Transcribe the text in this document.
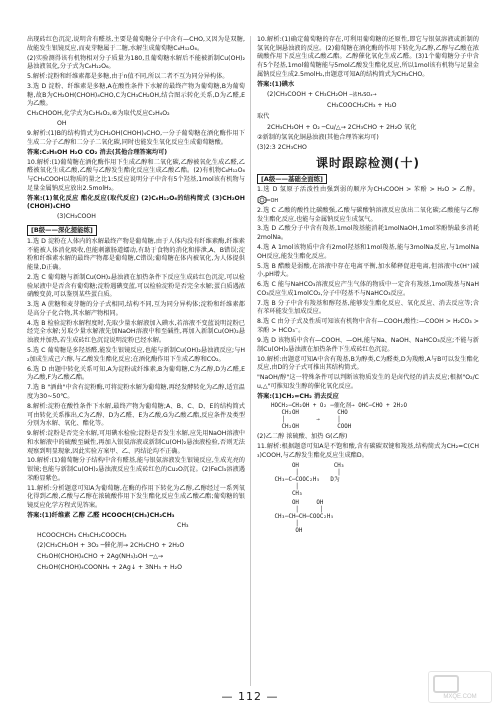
出现砖红色沉淀,说明含有醛基,主要是葡萄糖分子中含有—CHO,又因为是双糖,故能发生银镜反应,而麦芽糖属于二糖,水解生成葡萄糖C₆H₁₂O₆。

(2)实验测得该有机物相对分子质量为180,且葡萄糖水解后不能被新制Cu(OH)₂悬浊液氧化,分子式为C₆H₁₂O₆。

5.解析:淀粉和纤维素都是多糖,由于n值不同,所以二者不互为同分异构体。

3.选 D 淀粉、纤维素是多糖,A在酸性条件下水解的最终产物为葡萄糖,B为葡萄糖,故B为CH₂OH(CHOH)₄CHO,C为CH₃CH₂OH,结合图示转化关系,D为乙醛,E为乙酸。

CH₃CHOOH,化学式为C₂H₄O₂,⑥为取代反应C₂H₄O₂

OH

9.解析:(1)B的结构简式为CH₂OH(CHOH)₄CHO,一分子葡萄糖在酒化酶作用下生成二分子乙醇和二分子二氧化碳,同时也能发生氧化反应生成葡萄糖酸。

答案:C₂H₅OH H₂O CO₂ 消去(其他合理答案均可)

10.解析:(1)葡萄糖在酒化酶作用下生成乙醇和二氧化碳,乙醇被氧化生成乙醛,乙醛被氧化生成乙酸,乙酸与乙醇发生酯化反应生成乙酸乙酯。(2)有机物C₆H₁₂O₆与CH₃COOH以物质的量之比1:5反应说明分子中含有5个羟基,1mol该有机物与足量金属钠反应放出2.5molH₂。

答案:(1)氧化反应 酯化反应(取代反应) (2)C₆H₁₂O₆的结构简式 (3)CH₂OH(CHOH)₄CHO

(3)CH₃COOH

[B级——深化提能练]

1.选 D 淀粉在人体内的水解最终产物是葡萄糖,由于人体内没有纤维素酶,纤维素不能被人体消化吸收,但能刺激肠道蠕动,有助于食物的消化和排泄,A、B错误;淀粉和纤维素水解的最终产物都是葡萄糖,C错误;葡萄糖在体内被氧化,为人体提供能量,D正确。

2.选 C 葡萄糖与新制Cu(OH)₂悬浊液在加热条件下反应生成砖红色沉淀,可以检验尿液中是否含有葡萄糖;淀粉遇碘变蓝,可以检验淀粉是否完全水解;蛋白质遇浓硝酸变黄,可以鉴别某些蛋白质。

3.选 A 蔗糖和麦芽糖的分子式相同,结构不同,互为同分异构体;淀粉和纤维素都是高分子化合物,其水解产物相同。

4.选 B 检验淀粉水解程度时,先取少量水解液加入碘水,若溶液不变蓝说明淀粉已经完全水解;另取少量水解液先加NaOH溶液中和至碱性,再加入新制Cu(OH)₂悬浊液并加热,若生成砖红色沉淀说明淀粉已经水解。

5.选 C 葡萄糖是多羟基醛,能发生银镜反应,也能与新制Cu(OH)₂悬浊液反应;与H₂加成生成己六醇,与乙酸发生酯化反应;在酒化酶作用下生成乙醇和CO₂。

6.选 D 由题中转化关系可知,A为淀粉或纤维素,B为葡萄糖,C为乙醇,D为乙醛,E为乙酸,F为乙酸乙酯。

7.选 B "酒曲"中含有淀粉酶,可将淀粉水解为葡萄糖,再经发酵转化为乙醇,适宜温度为30~50℃。

8.解析:淀粉在酸性条件下水解,最终产物为葡萄糖;A、B、C、D、E的结构简式可由转化关系推出,C为乙醇、D为乙醛、E为乙酸,G为乙酸乙酯,反应条件及类型分别为水解、氧化、酯化等。

9.解析:淀粉是否完全水解,可用碘水检验;淀粉是否发生水解,应先用NaOH溶液中和水解液中的硫酸至碱性,再加入银氨溶液或新制Cu(OH)₂悬浊液检验,否则无法观察到明显现象,因此实验方案甲、乙、丙结论均不正确。

10.解析:(1)葡萄糖分子结构中含有醛基,能与银氨溶液发生银镜反应,生成光亮的银镜;也能与新制Cu(OH)₂悬浊液反应生成砖红色的Cu₂O沉淀。(2)FeCl₃溶液遇苯酚显紫色。

11.解析:分析题意可知A为葡萄糖,在酶的作用下转化为乙醇,乙醇经过一系列氧化得到乙酸,乙酸与乙醇在浓硫酸作用下发生酯化反应生成乙酸乙酯;葡萄糖的银镜反应化学方程式见答案。

答案:(1)纤维素 乙醇 乙醛 HCOOCH(CH₃)CH₂CH₃

CH₃

HCOOCHCH₃ CH₃CH₂COOCH₃

(2)CH₃CH₂OH + 3O₂ ─催化剂→ 2CH₃CHO + 2H₂O
CH₂OH(CHOH)₄CHO + 2Ag(NH₃)₂OH ─△→
CH₂OH(CHOH)₄COONH₄ + 2Ag↓ + 3NH₃ + H₂O

10.解析:(1)确定葡萄糖的存在,可利用葡萄糖的还原性,即它与银氨溶液或新制的氢氧化铜悬浊液的反应。(2)葡萄糖在酒化酶的作用下转化为乙醇,乙醇与乙酸在浓硫酸作用下反应生成乙酸乙酯。乙醇催化氧化生成乙醛。(3)1个葡萄糖分子中含有5个羟基,1mol葡萄糖能与5mol乙酸发生酯化反应,所以1mol该有机物与足量金属钠反应生成2.5molH₂,由题意可知A的结构简式为CH₃CHO。

答案:(1)碘水

(2)CH₃COOH + CH₃CH₂OH ─浓H₂SO₄→
CH₃COOCH₂CH₃ + H₂O

取代

2CH₃CH₂OH + O₂ ─Cu/△→ 2CH₃CHO + 2H₂O 氧化

②新制的氢氧化铜悬浊液(其他合理答案均可)

(3)2:3 2CH₃CHO

课时跟踪检测(十)
[A级——基础全面练]

1.选 D 氢原子活泼性由强到弱的顺序为CH₃COOH > 苯酚 > H₂O > 乙醇。
OH

2.选 C 乙酸的酸性比碳酸强,乙酸与碳酸钠溶液反应放出二氧化碳;乙酸能与乙醇发生酯化反应,也能与金属钠反应生成氢气。

3.选 D 乙酸分子中含有羧基,1mol羧基能消耗1molNaOH,1mol苯酚钠最多消耗2molNa。

4.选 A 1mol该物质中含有2mol羟基和1mol羧基,能与3molNa反应,与1molNaOH反应,能发生酯化反应。

5.选 B 醋酸是弱酸,在溶液中存在电离平衡,加水稀释促进电离,但溶液中c(H⁺)减小,pH增大。

6.选 C 能与NaHCO₃溶液反应产生气体的物质中一定含有羧基,1mol羧基与NaHCO₃反应生成1molCO₂,分子中羟基不与NaHCO₃反应。

7.选 B 分子中含有羧基和醇羟基,能够发生酯化反应、氧化反应、消去反应等;含有苯环能发生加成反应。

8.选 C 由分子式及性质可知该有机物中含有—COOH,酸性:—COOH > H₂CO₃ > 苯酚 > HCO₃⁻。

9.选 D 该物质中含有—COOH、—OH,能与Na、NaOH、NaHCO₃反应;不能与新制Cu(OH)₂悬浊液在加热条件下生成砖红色沉淀。

10.解析:由题意可知A中含有羧基,B为醇类,C为醛类,D为羧酸,A与B可以发生酯化反应,由D的分子式可推出其结构简式。

"NaOH/醇"这一特殊条件可以判断该物质发生的是卤代烃的消去反应;根据"O₂/Cu,△"可推知发生醇的催化氧化反应。

答案:(1)CH₂=CH₂ 消去反应

HOCH₂─CH₂OH + O₂ ─催化剂→ OHC─CHO + 2H₂O
CH₂OH           CHO
│         →     │
CH₂OH           COOH

(2)乙二醇 浓硫酸、加热 G(乙醇)

11.解析:根据题意可知A是不饱和酸,含有碳碳双键和羧基,结构简式为CH₂=C(CH₃)COOH,与乙醇发生酯化反应生成酯D。

OH          CH₃
│           │
CH₃─C─COOC₂H₅   D为
│
CH₃
OH     OH
│      │
CH₃─CH─CH─COOC₂H₅
│
OH
— 112 —	MXQE.COM
